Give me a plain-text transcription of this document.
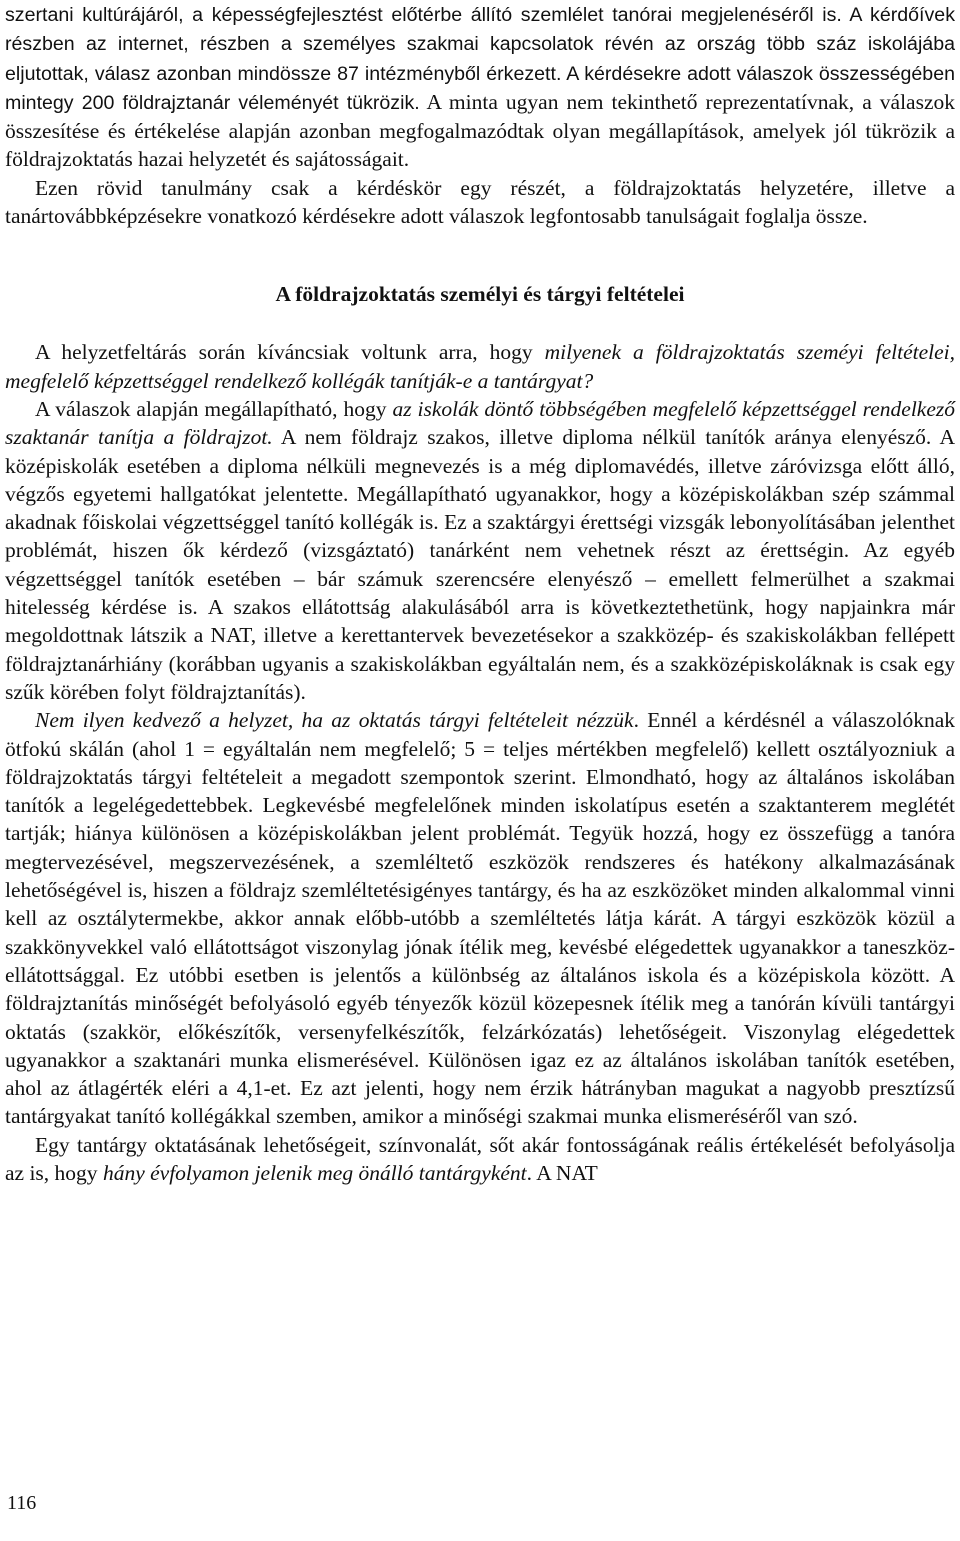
szertani kultúrájáról, a képességfejlesztést előtérbe állító szemlélet tanórai megjelenéséről is. A kérdőívek részben az internet, részben a személyes szakmai kapcsolatok révén az ország több száz iskolájába eljutottak, válasz azonban mindössze 87 intézményből érkezett. A kérdésekre adott válaszok összességében mintegy 200 földrajztanár véleményét tükrözik. A minta ugyan nem tekinthető reprezentatívnak, a válaszok összesítése és értékelése alapján azonban megfogalmazódtak olyan megállapítások, amelyek jól tükrözik a földrajzoktatás hazai helyzetét és sajátosságait.

Ezen rövid tanulmány csak a kérdéskör egy részét, a földrajzoktatás helyzetére, illetve a tanártovábbképzésekre vonatkozó kérdésekre adott válaszok legfontosabb tanulságait foglalja össze.

A földrajzoktatás személyi és tárgyi feltételei

A helyzetfeltárás során kíváncsiak voltunk arra, hogy milyenek a földrajzoktatás szeméyi feltételei, megfelelő képzettséggel rendelkező kollégák tanítják-e a tantárgyat?

A válaszok alapján megállapítható, hogy az iskolák döntő többségében megfelelő képzettséggel rendelkező szaktanár tanítja a földrajzot. A nem földrajz szakos, illetve diploma nélkül tanítók aránya elenyésző. A középiskolák esetében a diploma nélküli megnevezés is a még diplomavédés, illetve záróvizsga előtt álló, végzős egyetemi hallgatókat jelentette. Megállapítható ugyanakkor, hogy a középiskolákban szép számmal akadnak főiskolai végzettséggel tanító kollégák is. Ez a szaktárgyi érettségi vizsgák lebonyolításában jelenthet problémát, hiszen ők kérdező (vizsgáztató) tanárként nem vehetnek részt az érettségin. Az egyéb végzettséggel tanítók esetében – bár számuk szerencsére elenyésző – emellett felmerülhet a szakmai hitelesség kérdése is. A szakos ellátottság alakulásából arra is következtethetünk, hogy napjainkra már megoldottnak látszik a NAT, illetve a kerettantervek bevezetésekor a szakközép- és szakiskolákban fellépett földrajztanárhiány (korábban ugyanis a szakiskolákban egyáltalán nem, és a szakközépiskoláknak is csak egy szűk körében folyt földrajztanítás).

Nem ilyen kedvező a helyzet, ha az oktatás tárgyi feltételeit nézzük. Ennél a kérdésnél a válaszolóknak ötfokú skálán (ahol 1 = egyáltalán nem megfelelő; 5 = teljes mértékben megfelelő) kellett osztályozniuk a földrajzoktatás tárgyi feltételeit a megadott szempontok szerint. Elmondható, hogy az általános iskolában tanítók a legelégedettebbek. Legkevésbé megfelelőnek minden iskolatípus esetén a szaktanterem meglétét tartják; hiánya különösen a középiskolákban jelent problémát. Tegyük hozzá, hogy ez összefügg a tanóra megtervezésével, megszervezésének, a szemléltető eszközök rendszeres és hatékony alkalmazásának lehetőségével is, hiszen a földrajz szemléltetésigényes tantárgy, és ha az eszközöket minden alkalommal vinni kell az osztálytermekbe, akkor annak előbb-utóbb a szemléltetés látja kárát. A tárgyi eszközök közül a szakkönyvekkel való ellátottságot viszonylag jónak ítélik meg, kevésbé elégedettek ugyanakkor a taneszköz-ellátottsággal. Ez utóbbi esetben is jelentős a különbség az általános iskola és a középiskola között. A földrajztanítás minőségét befolyásoló egyéb tényezők közül közepesnek ítélik meg a tanórán kívüli tantárgyi oktatás (szakkör, előkészítők, versenyfelkészítők, felzárkózatás) lehetőségeit. Viszonylag elégedettek ugyanakkor a szaktanári munka elismerésével. Különösen igaz ez az általános iskolában tanítók esetében, ahol az átlagérték eléri a 4,1-et. Ez azt jelenti, hogy nem érzik hátrányban magukat a nagyobb presztízsű tantárgyakat tanító kollégákkal szemben, amikor a minőségi szakmai munka elismeréséről van szó.

Egy tantárgy oktatásának lehetőségeit, színvonalát, sőt akár fontosságának reális értékelését befolyásolja az is, hogy hány évfolyamon jelenik meg önálló tantárgyként. A NAT

116
